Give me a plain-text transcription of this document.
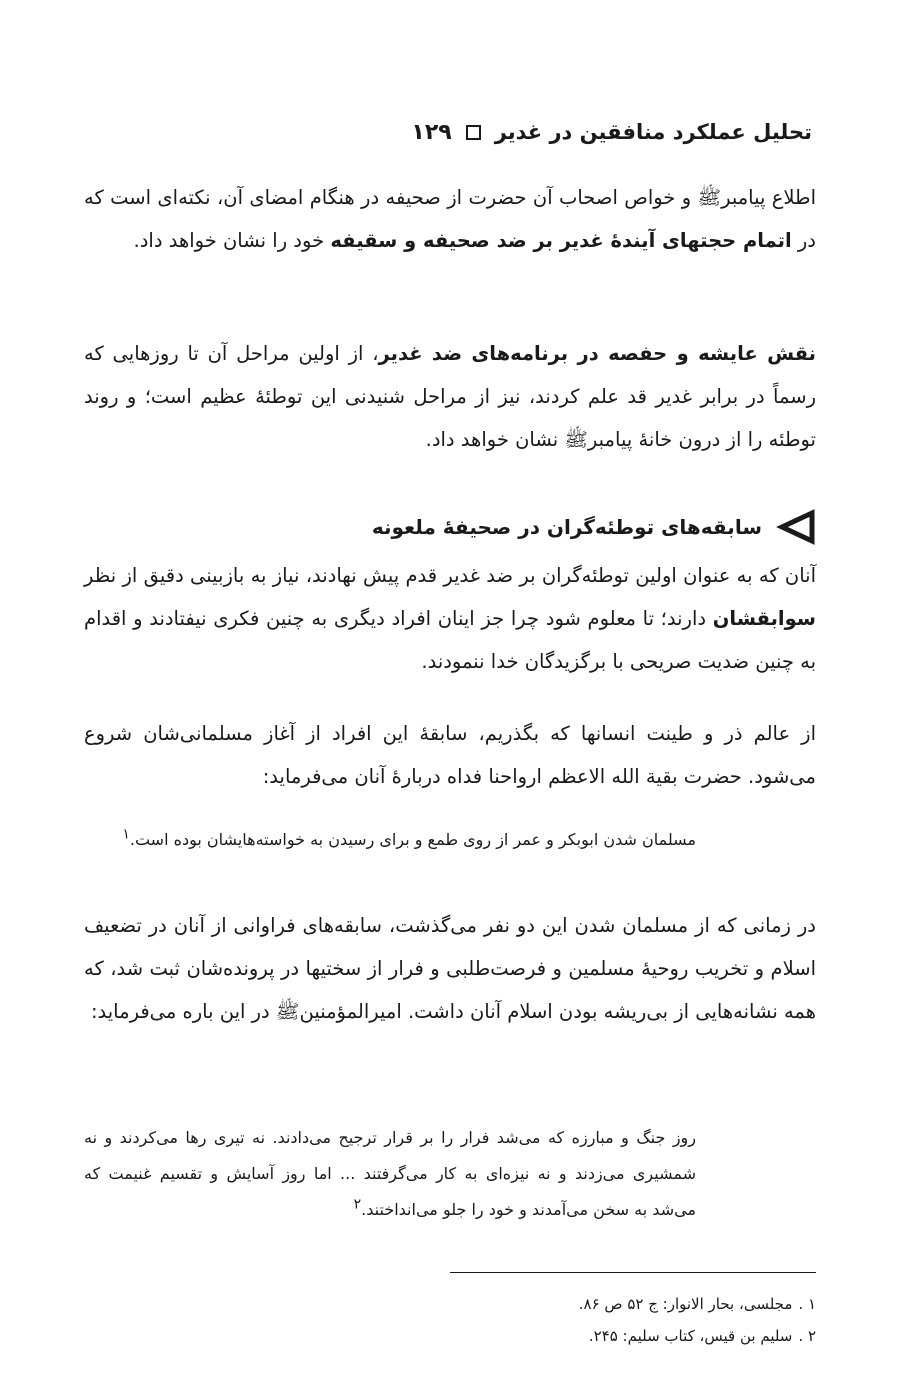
تحلیل عملکرد منافقین در غدیر
۱۲۹
اطلاع پیامبرﷺ و خواص اصحاب آن حضرت از صحیفه در هنگام امضای آن، نکته‌ای است که در اتمام حجتهای آیندهٔ غدیر بر ضد صحیفه و سقیفه خود را نشان خواهد داد.
نقش عایشه و حفصه در برنامه‌های ضد غدیر، از اولین مراحل آن تا روزهایی که رسماً در برابر غدیر قد علم کردند، نیز از مراحل شنیدنی این توطئهٔ عظیم است؛ و روند توطئه را از درون خانهٔ پیامبرﷺ نشان خواهد داد.
سابقه‌های توطئه‌گران در صحیفهٔ ملعونه
آنان که به عنوان اولین توطئه‌گران بر ضد غدیر قدم پیش نهادند، نیاز به بازبینی دقیق از نظر سوابقشان دارند؛ تا معلوم شود چرا جز اینان افراد دیگری به چنین فکری نیفتادند و اقدام به چنین ضدیت صریحی با برگزیدگان خدا ننمودند.
از عالم ذر و طینت انسانها که بگذریم، سابقهٔ این افراد از آغاز مسلمانی‌شان شروع می‌شود. حضرت بقیة الله الاعظم ارواحنا فداه دربارهٔ آنان می‌فرماید:
مسلمان شدن ابوبکر و عمر از روی طمع و برای رسیدن به خواسته‌هایشان بوده است.۱
در زمانی که از مسلمان شدن این دو نفر می‌گذشت، سابقه‌های فراوانی از آنان در تضعیف اسلام و تخریب روحیهٔ مسلمین و فرصت‌طلبی و فرار از سختیها در پرونده‌شان ثبت شد، که همه نشانه‌هایی از بی‌ریشه بودن اسلام آنان داشت. امیرالمؤمنینﷺ در این باره می‌فرماید:
روز جنگ و مبارزه که می‌شد فرار را بر قرار ترجیح می‌دادند. نه تیری رها می‌کردند و نه شمشیری می‌زدند و نه نیزه‌ای به کار می‌گرفتند ... اما روز آسایش و تقسیم غنیمت که می‌شد به سخن می‌آمدند و خود را جلو می‌انداختند.۲
۱ .
مجلسی، بحار الانوار: ج ۵۲ ص ۸۶.
۲ .
سلیم بن قیس، کتاب سلیم: ۲۴۵.
